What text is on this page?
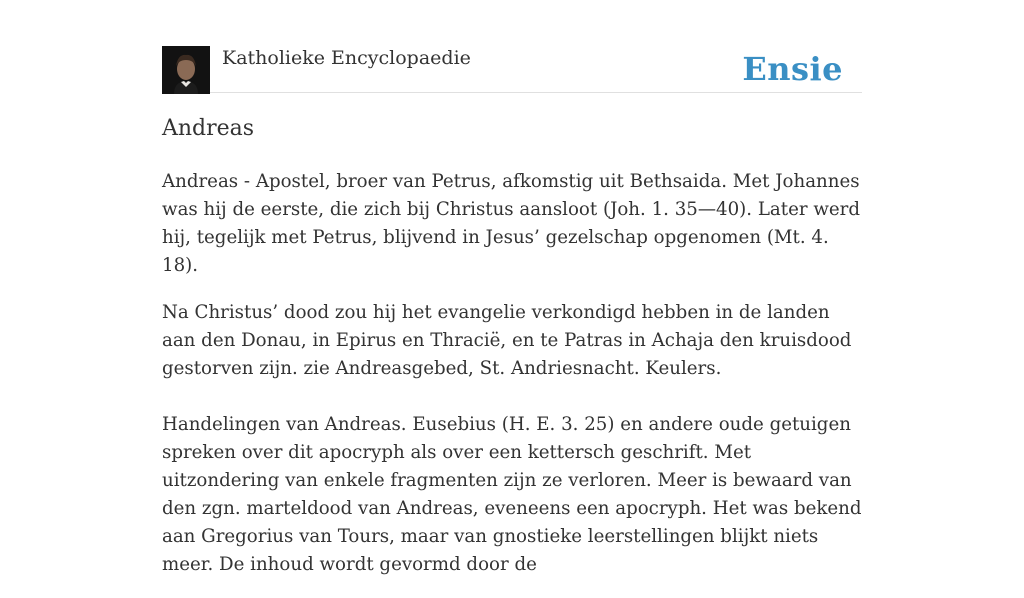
Katholieke Encyclopaedie	Ensie
Andreas

Andreas - Apostel, broer van Petrus, afkomstig uit Bethsaida. Met Johannes was hij de eerste, die zich bij Christus aansloot (Joh. 1. 35—40). Later werd hij, tegelijk met Petrus, blijvend in Jesus’ gezelschap opgenomen (Mt. 4. 18).

Na Christus’ dood zou hij het evangelie verkondigd hebben in de landen aan den Donau, in Epirus en Thracië, en te Patras in Achaja den kruisdood gestorven zijn. zie Andreasgebed, St. Andriesnacht. Keulers.

Handelingen van Andreas. Eusebius (H. E. 3. 25) en andere oude getuigen spreken over dit apocryph als over een kettersch geschrift. Met uitzondering van enkele fragmenten zijn ze verloren. Meer is bewaard van den zgn. marteldood van Andreas, eveneens een apocryph. Het was bekend aan Gregorius van Tours, maar van gnostieke leerstellingen blijkt niets meer. De inhoud wordt gevormd door de
